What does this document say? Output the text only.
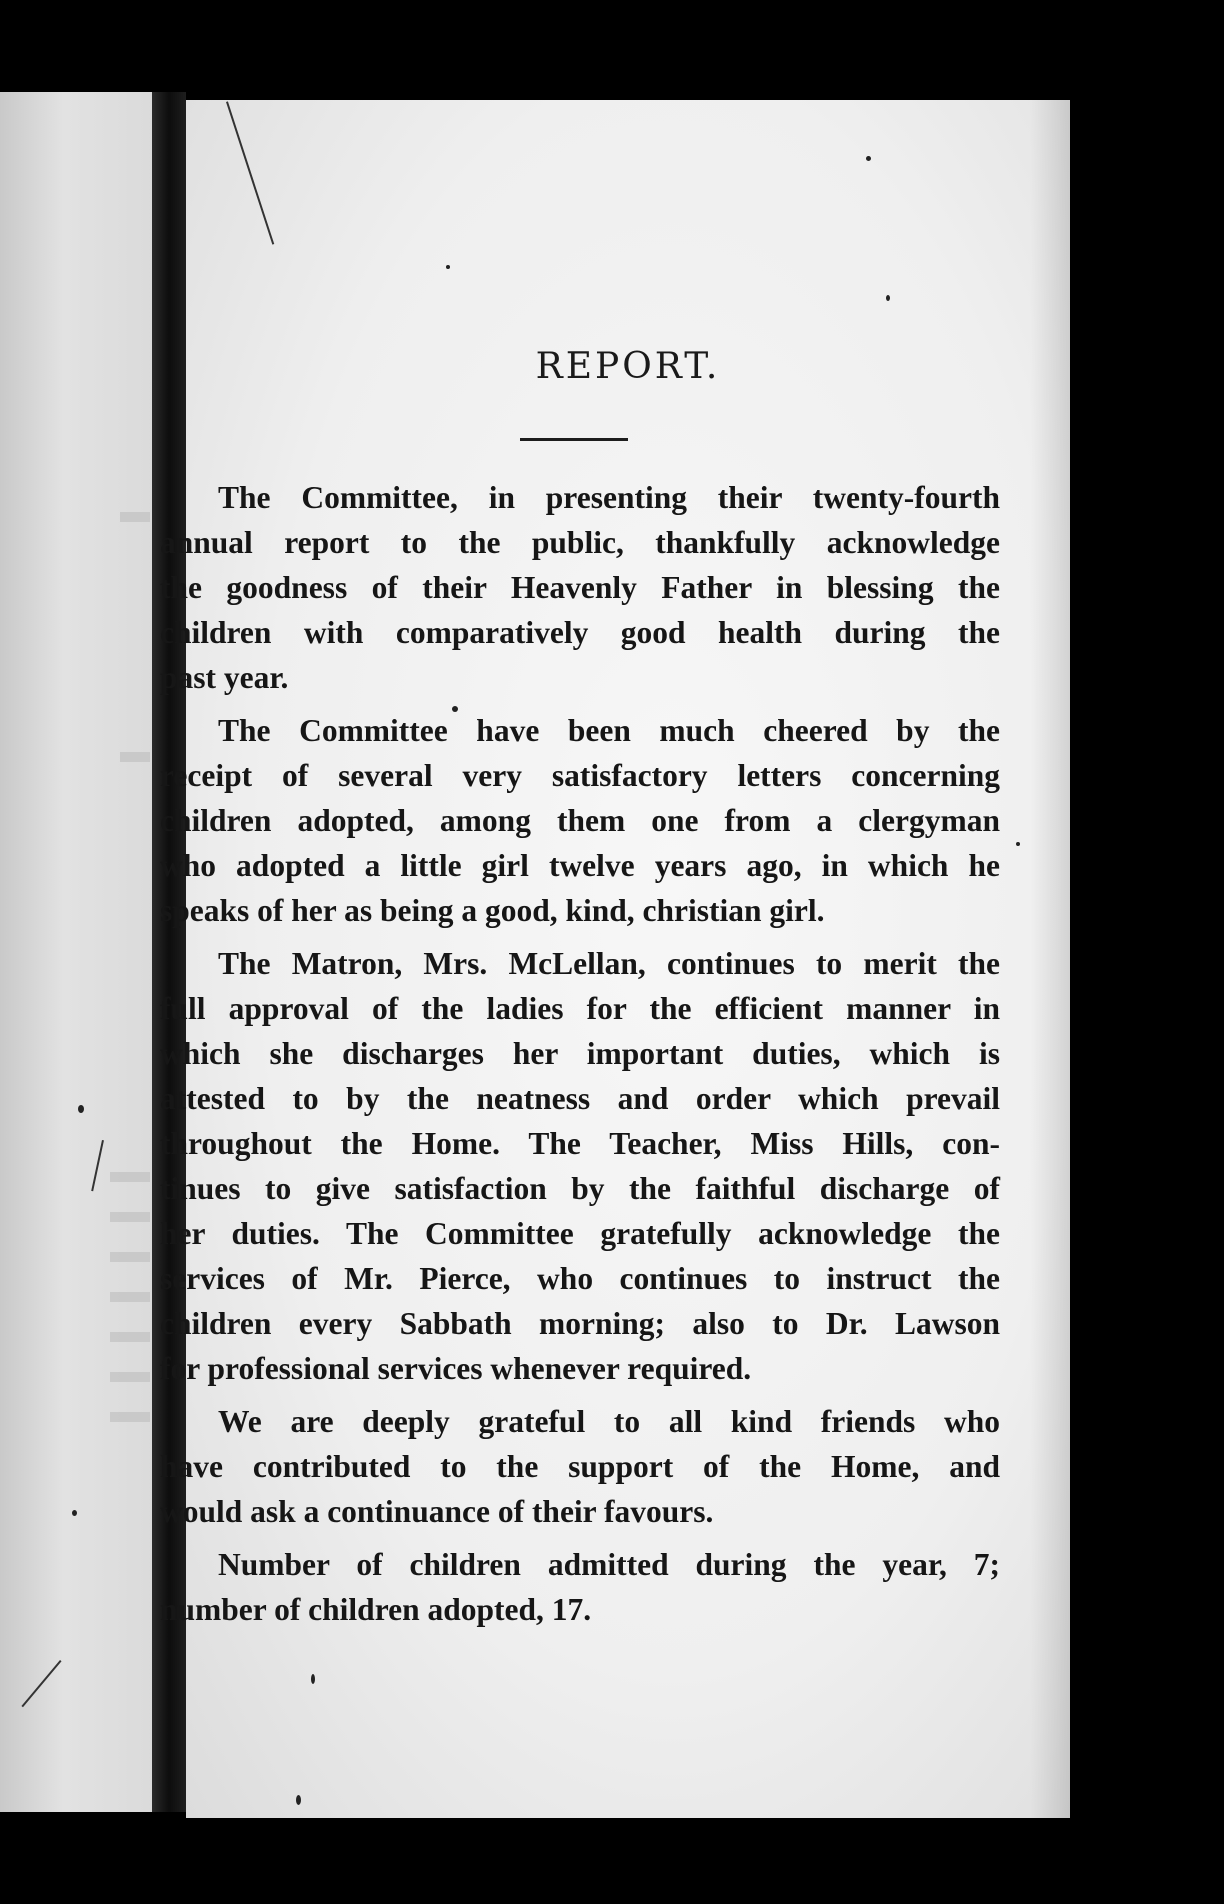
REPORT.
The Committee, in presenting their twenty-fourth
annual report to the public, thankfully acknowledge
the goodness of their Heavenly Father in blessing the
children with comparatively good health during the
past year.
The Committee have been much cheered by the
receipt of several very satisfactory letters concerning
children adopted, among them one from a clergyman
who adopted a little girl twelve years ago, in which he
speaks of her as being a good, kind, christian girl.
The Matron, Mrs. McLellan, continues to merit the
full approval of the ladies for the efficient manner in
which she discharges her important duties, which is
attested to by the neatness and order which prevail
throughout the Home. The Teacher, Miss Hills, con-
tinues to give satisfaction by the faithful discharge of
her duties. The Committee gratefully acknowledge the
services of Mr. Pierce, who continues to instruct the
children every Sabbath morning; also to Dr. Lawson
for professional services whenever required.
We are deeply grateful to all kind friends who
have contributed to the support of the Home, and
would ask a continuance of their favours.
Number of children admitted during the year, 7;
number of children adopted, 17.
